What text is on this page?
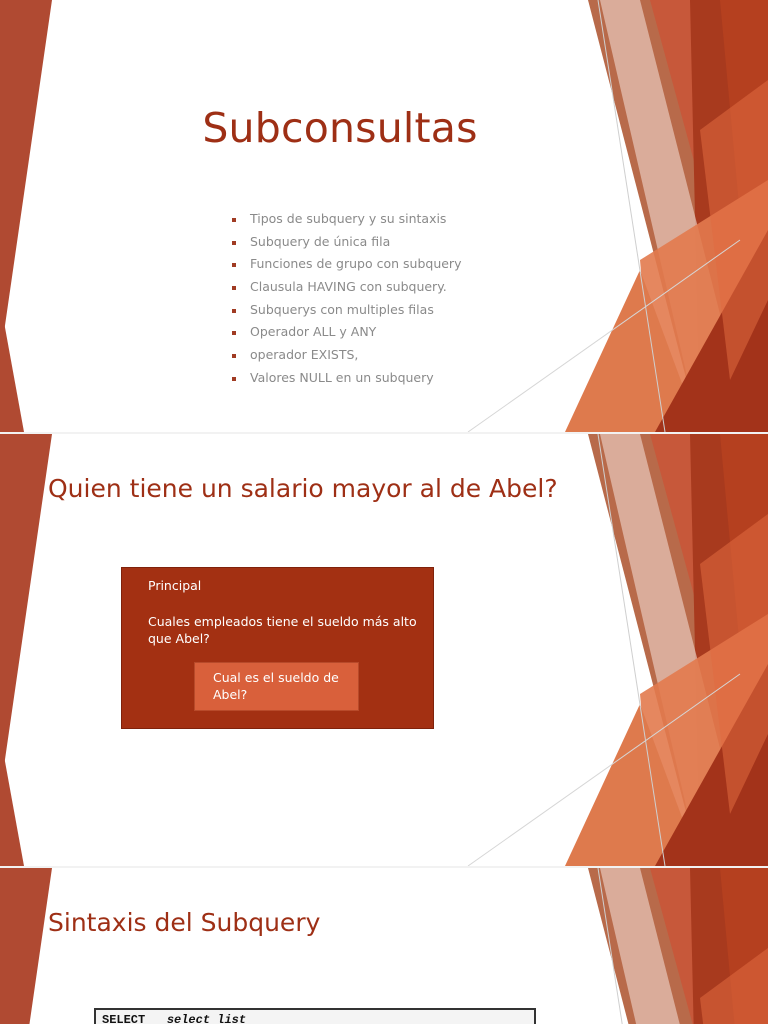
Subconsultas
Tipos de subquery y su sintaxis
Subquery de única fila
Funciones de grupo con subquery
Clausula HAVING con subquery.
Subquerys con multiples filas
Operador ALL y ANY
operador EXISTS,
Valores NULL en un subquery
Quien tiene un salario mayor al de Abel?
Principal
Cuales empleados tiene el sueldo más alto que Abel?
Cual es el sueldo de Abel?
Sintaxis del Subquery
SELECT select list
